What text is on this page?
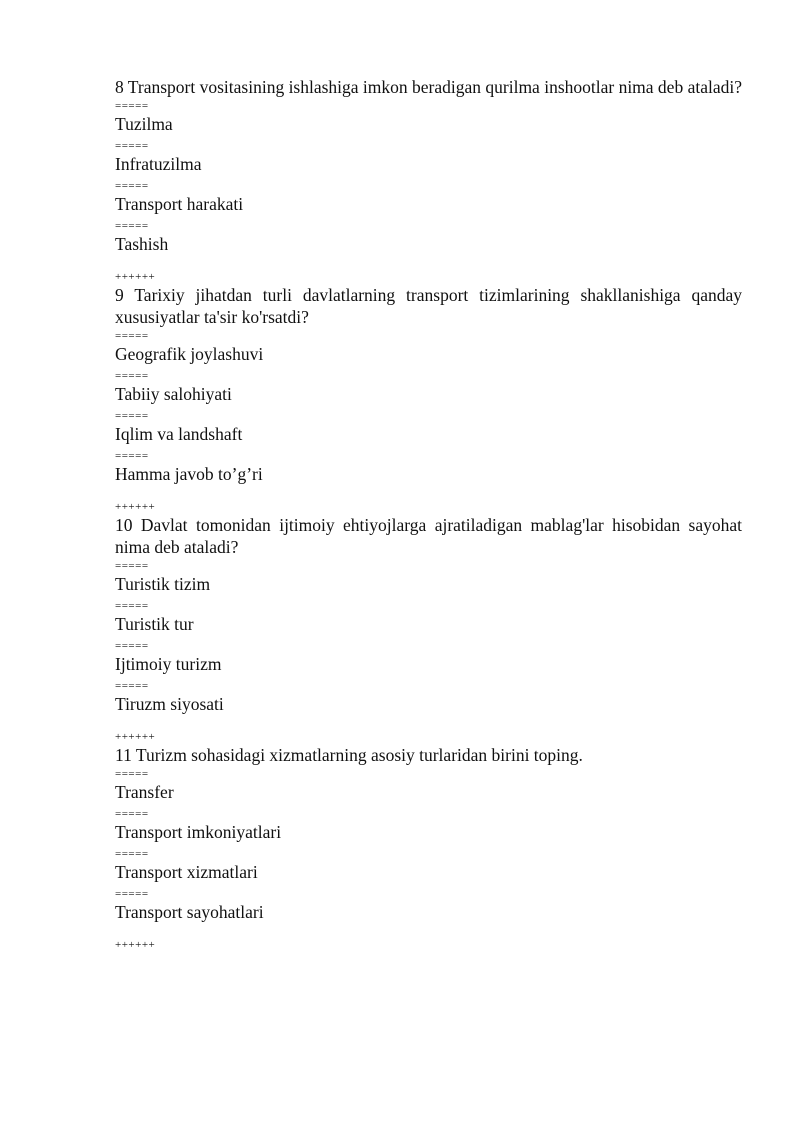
8 Transport vositasining ishlashiga imkon beradigan qurilma inshootlar nima deb ataladi?

=====
Tuzilma
=====
Infratuzilma
=====
Transport harakati
=====
Tashish
++++++

9 Tarixiy jihatdan turli davlatlarning transport tizimlarining shakllanishiga qanday xususiyatlar ta'sir ko'rsatdi?

=====
Geografik joylashuvi
=====
Tabiiy salohiyati
=====
Iqlim va landshaft
=====
Hamma javob to’g’ri
++++++

10 Davlat tomonidan ijtimoiy ehtiyojlarga ajratiladigan mablag'lar hisobidan sayohat nima deb ataladi?

=====
Turistik tizim
=====
Turistik tur
=====
Ijtimoiy turizm
=====
Tiruzm siyosati
++++++

11 Turizm sohasidagi xizmatlarning asosiy turlaridan birini toping.

=====
Transfer
=====
Transport imkoniyatlari
=====
Transport xizmatlari
=====
Transport sayohatlari
++++++
